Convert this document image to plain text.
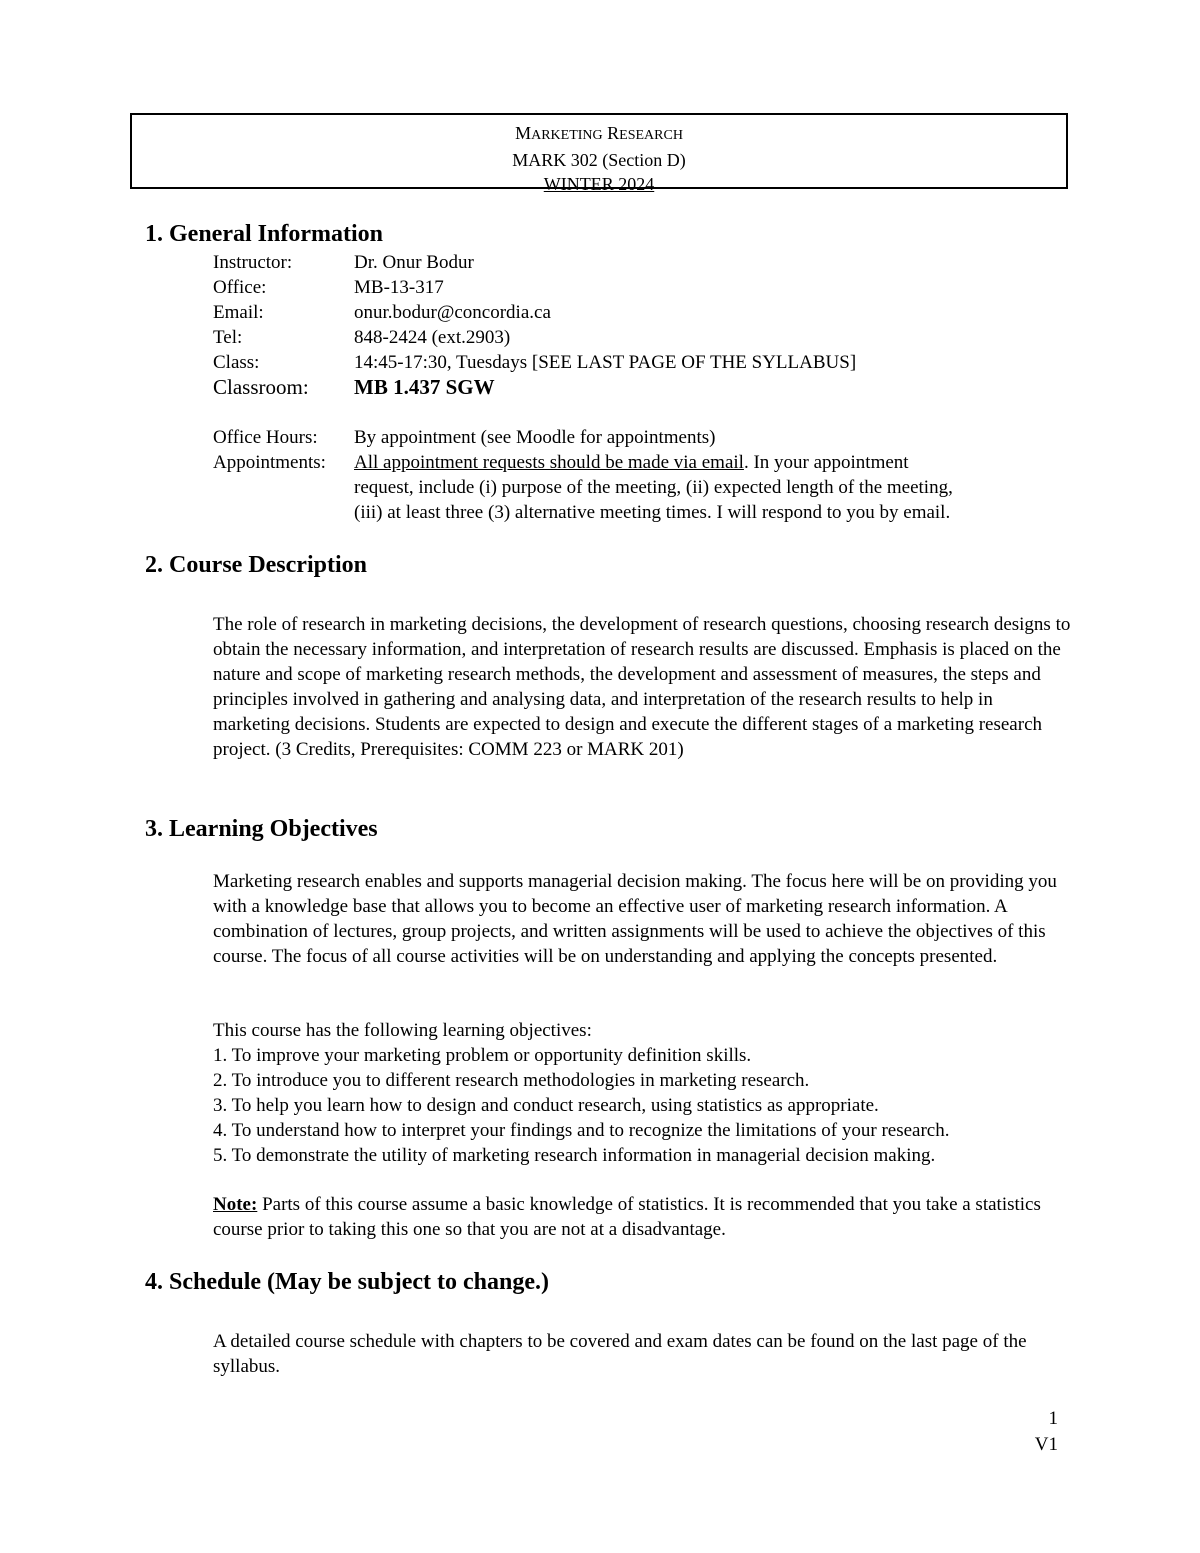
MARKETING RESEARCH
MARK 302 (Section D)
WINTER 2024
1. General Information
Instructor:	Dr. Onur Bodur
Office:	MB-13-317
Email:	onur.bodur@concordia.ca
Tel:	848-2424 (ext.2903)
Class:	14:45-17:30, Tuesdays [SEE LAST PAGE OF THE SYLLABUS]
Classroom:	MB 1.437 SGW
Office Hours:	By appointment (see Moodle for appointments)
Appointments:	All appointment requests should be made via email. In your appointment
request, include (i) purpose of the meeting, (ii) expected length of the meeting,
(iii) at least three (3) alternative meeting times. I will respond to you by email.
2. Course Description

The role of research in marketing decisions, the development of research questions, choosing research designs to obtain the necessary information, and interpretation of research results are discussed. Emphasis is placed on the nature and scope of marketing research methods, the development and assessment of measures, the steps and principles involved in gathering and analysing data, and interpretation of the research results to help in marketing decisions. Students are expected to design and execute the different stages of a marketing research project. (3 Credits, Prerequisites: COMM 223 or MARK 201)

3. Learning Objectives

Marketing research enables and supports managerial decision making. The focus here will be on providing you with a knowledge base that allows you to become an effective user of marketing research information. A combination of lectures, group projects, and written assignments will be used to achieve the objectives of this course. The focus of all course activities will be on understanding and applying the concepts presented.

This course has the following learning objectives:
1. To improve your marketing problem or opportunity definition skills.
2. To introduce you to different research methodologies in marketing research.
3. To help you learn how to design and conduct research, using statistics as appropriate.
4. To understand how to interpret your findings and to recognize the limitations of your research.
5. To demonstrate the utility of marketing research information in managerial decision making.

Note: Parts of this course assume a basic knowledge of statistics. It is recommended that you take a statistics course prior to taking this one so that you are not at a disadvantage.

4. Schedule (May be subject to change.)

A detailed course schedule with chapters to be covered and exam dates can be found on the last page of the syllabus.

1
V1
